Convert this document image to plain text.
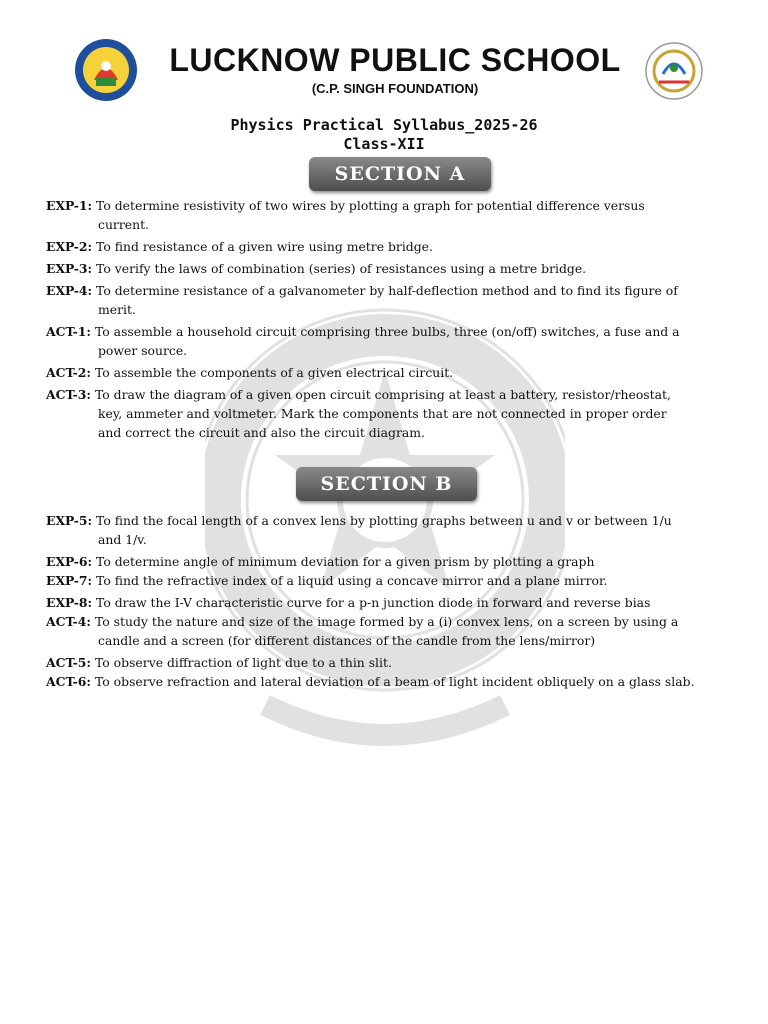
LUCKNOW PUBLIC SCHOOL
(C.P. SINGH FOUNDATION)
Physics Practical Syllabus_2025-26
Class-XII
SECTION A
EXP-1: To determine resistivity of two wires by plotting a graph for potential difference versus
current.
EXP-2: To find resistance of a given wire using metre bridge.
EXP-3: To verify the laws of combination (series) of resistances using a metre bridge.
EXP-4: To determine resistance of a galvanometer by half-deflection method and to find its figure of
merit.
ACT-1: To assemble a household circuit comprising three bulbs, three (on/off) switches, a fuse and a
power source.
ACT-2: To assemble the components of a given electrical circuit.
ACT-3: To draw the diagram of a given open circuit comprising at least a battery, resistor/rheostat,
key, ammeter and voltmeter. Mark the components that are not connected in proper order
and correct the circuit and also the circuit diagram.
SECTION B
EXP-5: To find the focal length of a convex lens by plotting graphs between u and v or between 1/u
and 1/v.
EXP-6: To determine angle of minimum deviation for a given prism by plotting a graph
EXP-7: To find the refractive index of a liquid using a concave mirror and a plane mirror.
EXP-8: To draw the I-V characteristic curve for a p-n junction diode in forward and reverse bias
ACT-4: To study the nature and size of the image formed by a (i) convex lens, on a screen by using a
candle and a screen (for different distances of the candle from the lens/mirror)
ACT-5: To observe diffraction of light due to a thin slit.
ACT-6: To observe refraction and lateral deviation of a beam of light incident obliquely on a glass slab.
